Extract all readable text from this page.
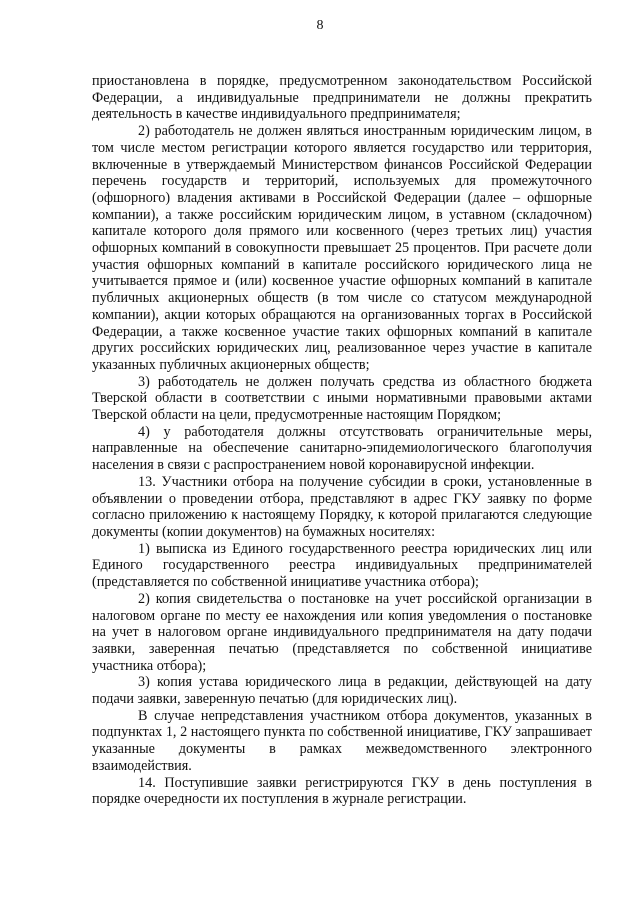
8

приостановлена в порядке, предусмотренном законодательством Российской Федерации, а индивидуальные предприниматели не должны прекратить деятельность в качестве индивидуального предпринимателя;

2) работодатель не должен являться иностранным юридическим лицом, в том числе местом регистрации которого является государство или территория, включенные в утверждаемый Министерством финансов Российской Федерации перечень государств и территорий, используемых для промежуточного (офшорного) владения активами в Российской Федерации (далее – офшорные компании), а также российским юридическим лицом, в уставном (складочном) капитале которого доля прямого или косвенного (через третьих лиц) участия офшорных компаний в совокупности превышает 25 процентов. При расчете доли участия офшорных компаний в капитале российского юридического лица не учитывается прямое и (или) косвенное участие офшорных компаний в капитале публичных акционерных обществ (в том числе со статусом международной компании), акции которых обращаются на организованных торгах в Российской Федерации, а также косвенное участие таких офшорных компаний в капитале других российских юридических лиц, реализованное через участие в капитале указанных публичных акционерных обществ;

3) работодатель не должен получать средства из областного бюджета Тверской области в соответствии с иными нормативными правовыми актами Тверской области на цели, предусмотренные настоящим Порядком;

4) у работодателя должны отсутствовать ограничительные меры, направленные на обеспечение санитарно-эпидемиологического благополучия населения в связи с распространением новой коронавирусной инфекции.

13. Участники отбора на получение субсидии в сроки, установленные в объявлении о проведении отбора, представляют в адрес ГКУ заявку по форме согласно приложению к настоящему Порядку, к которой прилагаются следующие документы (копии документов) на бумажных носителях:

1) выписка из Единого государственного реестра юридических лиц или Единого государственного реестра индивидуальных предпринимателей (представляется по собственной инициативе участника отбора);

2) копия свидетельства о постановке на учет российской организации в налоговом органе по месту ее нахождения или копия уведомления о постановке на учет в налоговом органе индивидуального предпринимателя на дату подачи заявки, заверенная печатью (представляется по собственной инициативе участника отбора);

3) копия устава юридического лица в редакции, действующей на дату подачи заявки, заверенную печатью (для юридических лиц).

В случае непредставления участником отбора документов, указанных в подпунктах 1, 2 настоящего пункта по собственной инициативе, ГКУ запрашивает указанные документы в рамках межведомственного электронного взаимодействия.

14. Поступившие заявки регистрируются ГКУ в день поступления в порядке очередности их поступления в журнале регистрации.
